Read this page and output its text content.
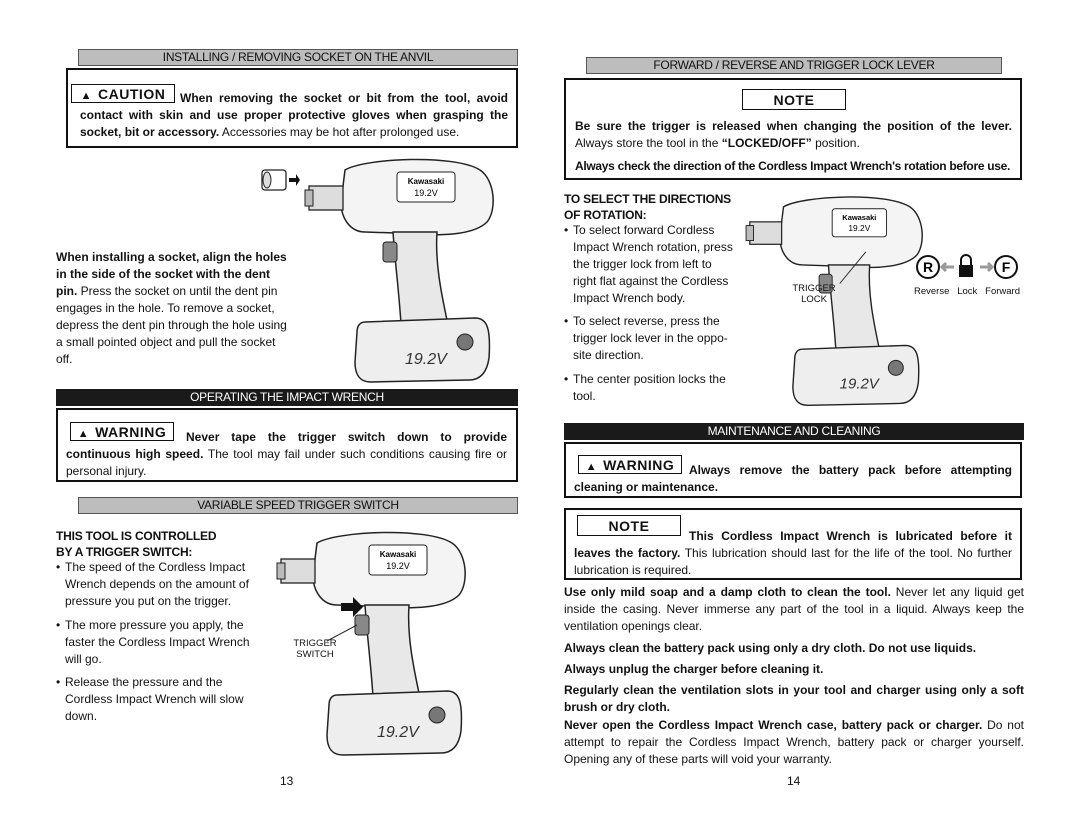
INSTALLING / REMOVING SOCKET ON THE ANVIL
▲ CAUTION	When removing the socket or bit from the tool, avoid contact with skin and use proper protective gloves when grasping the socket, bit or accessory. Accessories may be hot after prolonged use.
Kawasaki
19.2V
19.2V
When installing a socket, align the holes in the side of the socket with the dent pin. Press the socket on until the dent pin engages in the hole. To remove a socket, depress the dent pin through the hole using a small pointed object and pull the socket off.
OPERATING THE IMPACT WRENCH
▲ WARNING	Never tape the trigger switch down to provide continuous high speed. The tool may fail under such conditions causing fire or personal injury.
VARIABLE SPEED TRIGGER SWITCH
THIS TOOL IS CONTROLLED
BY A TRIGGER SWITCH:
• The speed of the Cordless Impact Wrench depends on the amount of pressure you put on the trigger.
• The more pressure you apply, the faster the Cordless Impact Wrench will go.
• Release the pressure and the Cordless Impact Wrench will slow down.
Kawasaki
19.2V
19.2V
TRIGGER
SWITCH
13
FORWARD / REVERSE AND TRIGGER LOCK LEVER
NOTE
Be sure the trigger is released when changing the position of the lever. Always store the tool in the “LOCKED/OFF” position.
Always check the direction of the Cordless Impact Wrench's rotation before use.
TO SELECT THE DIRECTIONS
OF ROTATION:
• To select forward Cordless Impact Wrench rotation, press the trigger lock from left to right flat against the Cordless Impact Wrench body.
• To select reverse, press the trigger lock lever in the oppo- site direction.
• The center position locks the tool.
Kawasaki
19.2V
19.2V
TRIGGER
LOCK
R	F
Reverse Lock Forward
MAINTENANCE AND CLEANING
▲ WARNING	Always remove the battery pack before attempting cleaning or maintenance.
NOTE
This Cordless Impact Wrench is lubricated before it leaves the factory. This lubrication should last for the life of the tool. No further lubrication is required.
Use only mild soap and a damp cloth to clean the tool. Never let any liquid get inside the casing. Never immerse any part of the tool in a liquid. Always keep the ventilation openings clear.
Always clean the battery pack using only a dry cloth. Do not use liquids.
Always unplug the charger before cleaning it.
Regularly clean the ventilation slots in your tool and charger using only a soft brush or dry cloth.
Never open the Cordless Impact Wrench case, battery pack or charger. Do not attempt to repair the Cordless Impact Wrench, battery pack or charger yourself. Opening any of these parts will void your warranty.
14
